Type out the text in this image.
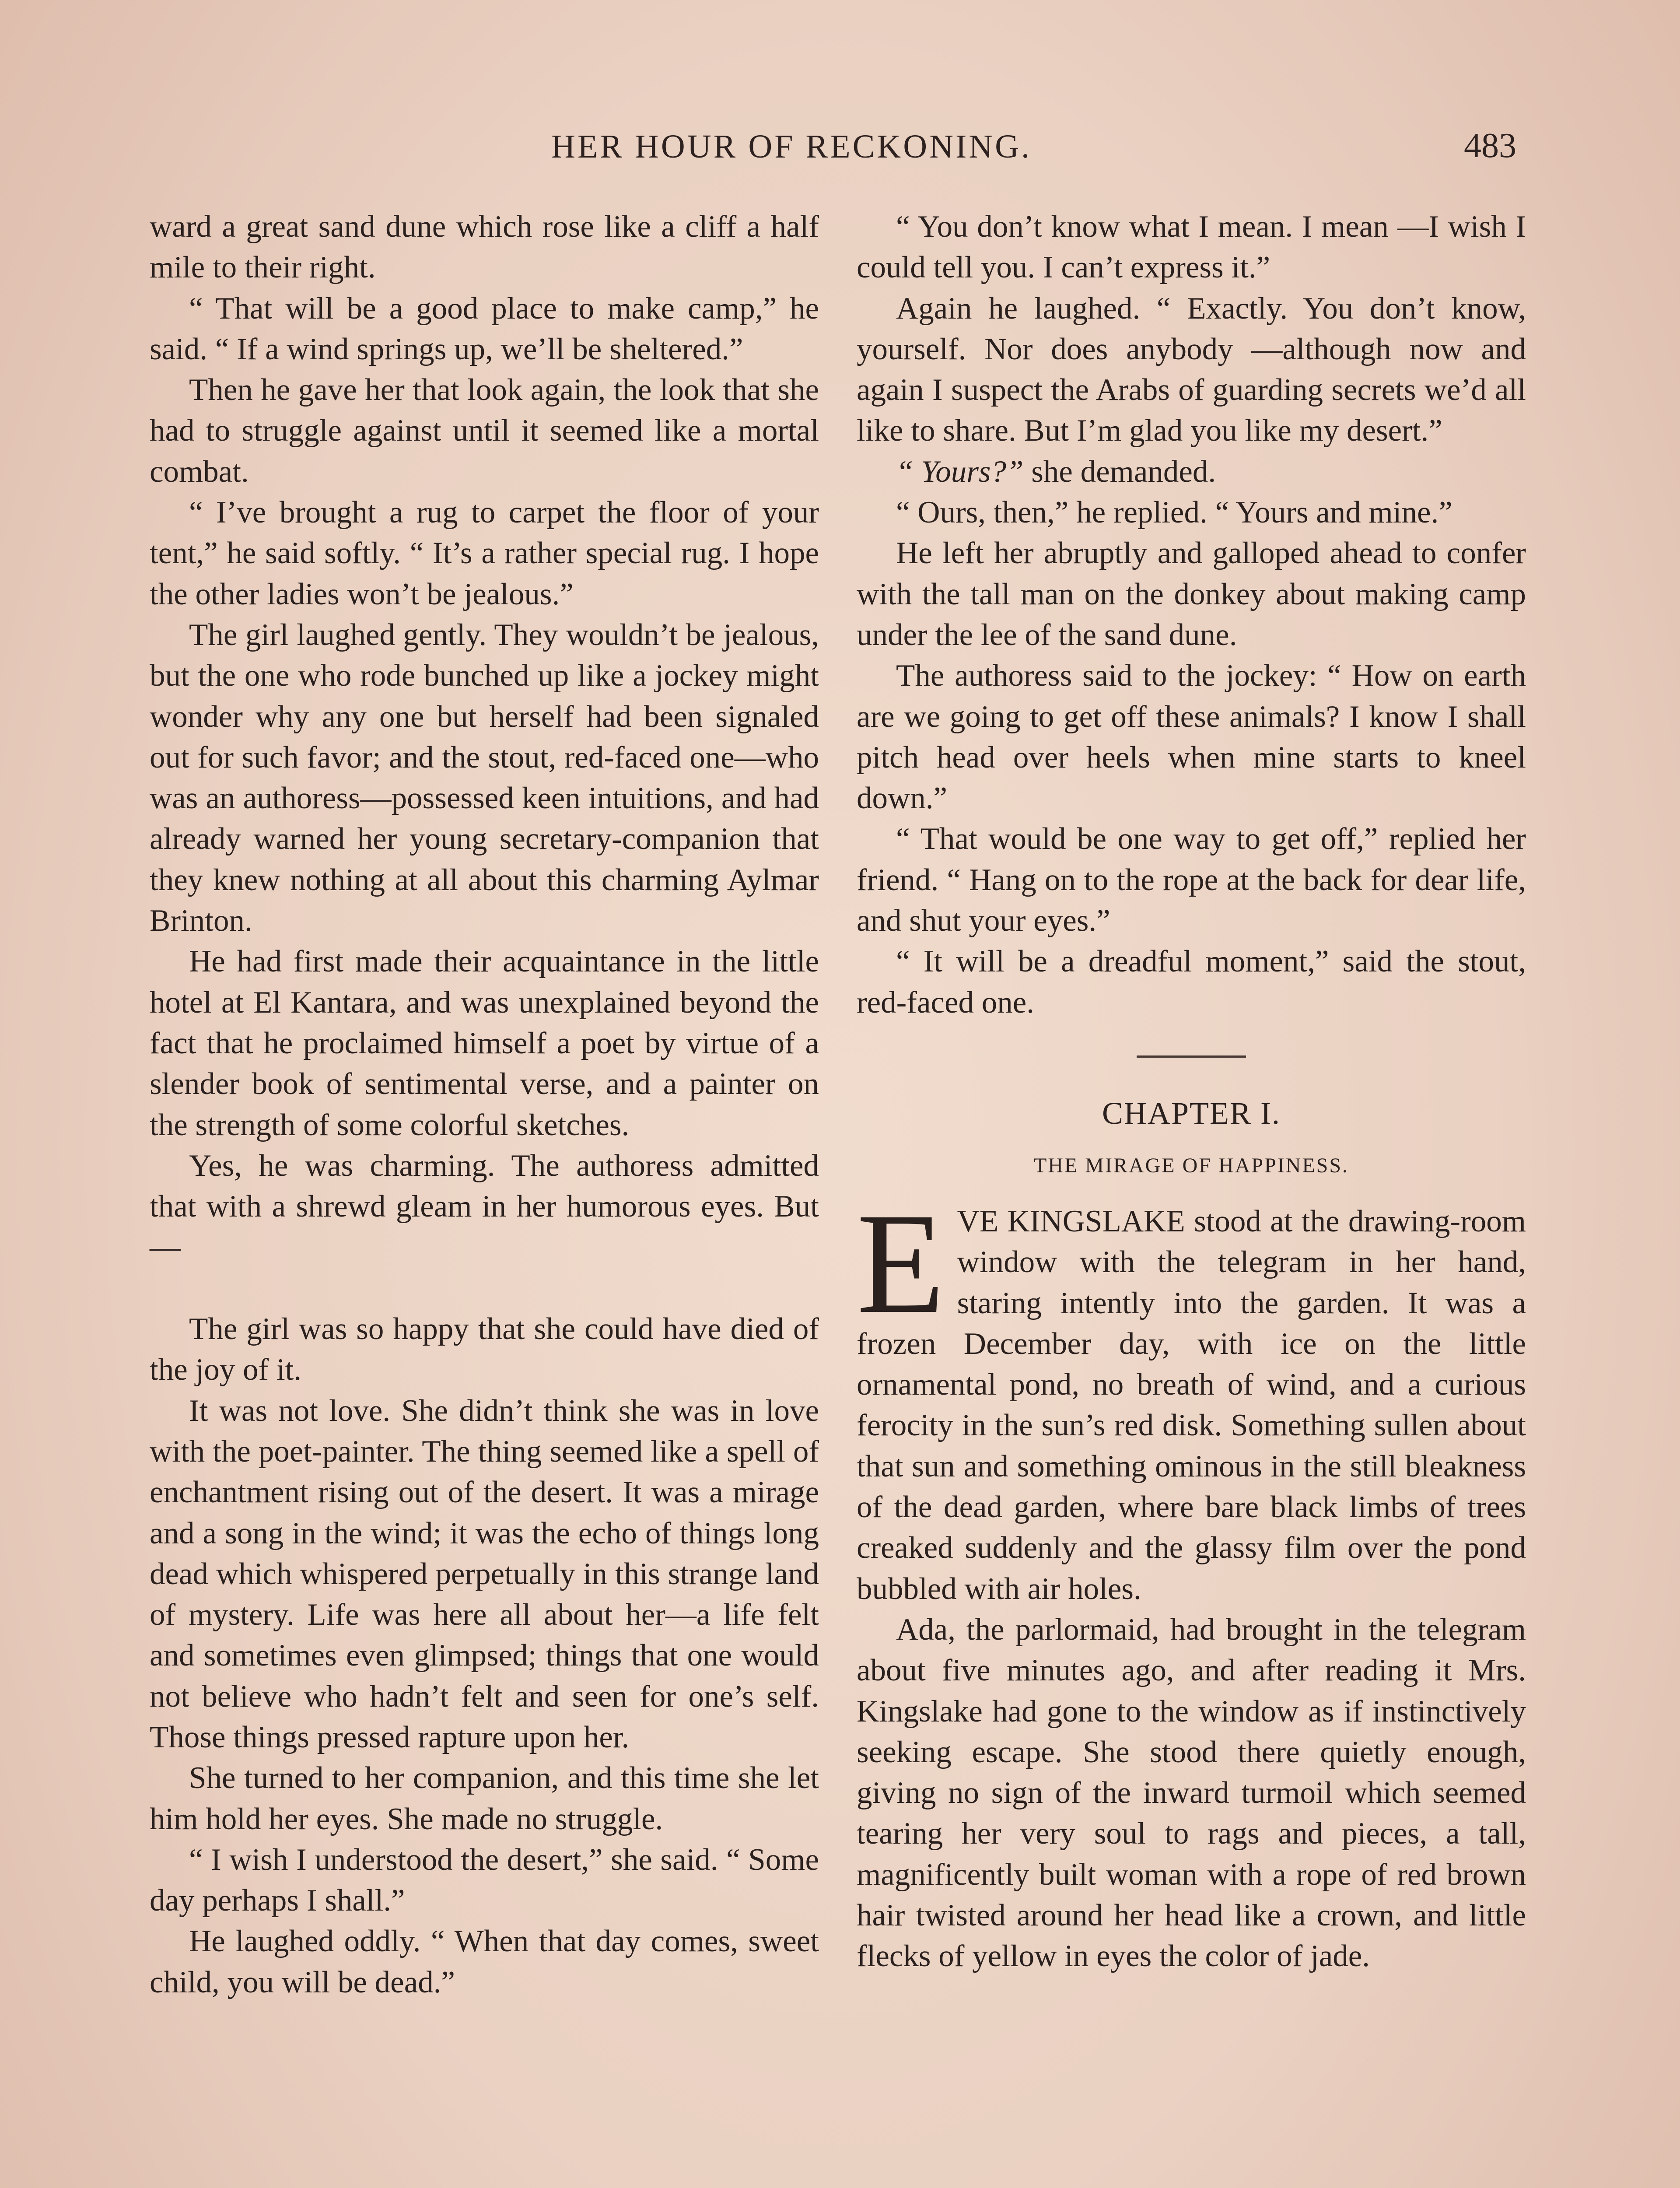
HER HOUR OF RECKONING.	483

ward a great sand dune which rose like a cliff a half mile to their right.

“ That will be a good place to make camp,” he said. “ If a wind springs up, we’ll be sheltered.”

Then he gave her that look again, the look that she had to struggle against until it seemed like a mortal combat.

“ I’ve brought a rug to carpet the floor of your tent,” he said softly. “ It’s a rather special rug. I hope the other ladies won’t be jealous.”

The girl laughed gently. They wouldn’t be jealous, but the one who rode bunched up like a jockey might wonder why any one but herself had been signaled out for such favor; and the stout, red-faced one—who was an authoress—possessed keen intuitions, and had already warned her young secretary-companion that they knew nothing at all about this charming Aylmar Brinton.

He had first made their acquaintance in the little hotel at El Kantara, and was unexplained beyond the fact that he proclaimed himself a poet by virtue of a slender book of sentimental verse, and a painter on the strength of some colorful sketches.

Yes, he was charming. The authoress admitted that with a shrewd gleam in her humorous eyes. But—

The girl was so happy that she could have died of the joy of it.

It was not love. She didn’t think she was in love with the poet-painter. The thing seemed like a spell of enchantment rising out of the desert. It was a mirage and a song in the wind; it was the echo of things long dead which whispered perpetually in this strange land of mystery. Life was here all about her—a life felt and sometimes even glimpsed; things that one would not believe who hadn’t felt and seen for one’s self. Those things pressed rapture upon her.

She turned to her companion, and this time she let him hold her eyes. She made no struggle.

“ I wish I understood the desert,” she said. “ Some day perhaps I shall.”

He laughed oddly. “ When that day comes, sweet child, you will be dead.”

“ You don’t know what I mean. I mean —I wish I could tell you. I can’t express it.”

Again he laughed. “ Exactly. You don’t know, yourself. Nor does anybody —although now and again I suspect the Arabs of guarding secrets we’d all like to share. But I’m glad you like my desert.”

“ Yours?” she demanded.

“ Ours, then,” he replied. “ Yours and mine.”

He left her abruptly and galloped ahead to confer with the tall man on the donkey about making camp under the lee of the sand dune.

The authoress said to the jockey: “ How on earth are we going to get off these animals? I know I shall pitch head over heels when mine starts to kneel down.”

“ That would be one way to get off,” replied her friend. “ Hang on to the rope at the back for dear life, and shut your eyes.”

“ It will be a dreadful moment,” said the stout, red-faced one.

CHAPTER I.
THE MIRAGE OF HAPPINESS.

EVE KINGSLAKE stood at the drawing-room window with the telegram in her hand, staring intently into the garden. It was a frozen December day, with ice on the little ornamental pond, no breath of wind, and a curious ferocity in the sun’s red disk. Something sullen about that sun and something ominous in the still bleakness of the dead garden, where bare black limbs of trees creaked suddenly and the glassy film over the pond bubbled with air holes.

Ada, the parlormaid, had brought in the telegram about five minutes ago, and after reading it Mrs. Kingslake had gone to the window as if instinctively seeking escape. She stood there quietly enough, giving no sign of the inward turmoil which seemed tearing her very soul to rags and pieces, a tall, magnificently built woman with a rope of red brown hair twisted around her head like a crown, and little flecks of yellow in eyes the color of jade.
